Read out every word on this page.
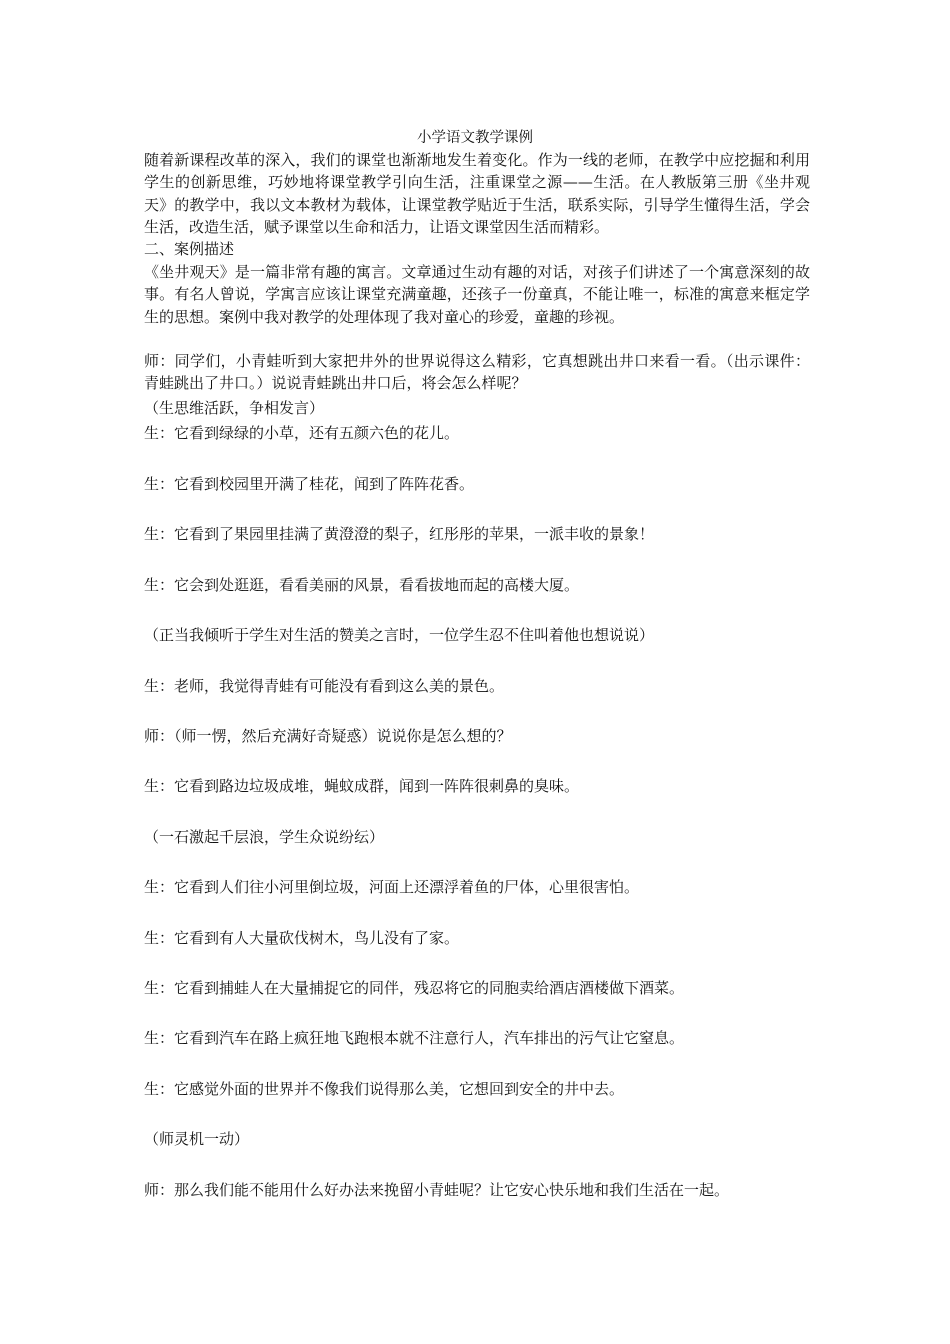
小学语文教学课例

随着新课程改革的深入，我们的课堂也渐渐地发生着变化。作为一线的老师，在教学中应挖掘和利用学生的创新思维，巧妙地将课堂教学引向生活，注重课堂之源——生活。在人教版第三册《坐井观天》的教学中，我以文本教材为载体，让课堂教学贴近于生活，联系实际，引导学生懂得生活，学会生活，改造生活，赋予课堂以生命和活力，让语文课堂因生活而精彩。

二、案例描述

《坐井观天》是一篇非常有趣的寓言。文章通过生动有趣的对话，对孩子们讲述了一个寓意深刻的故事。有名人曾说，学寓言应该让课堂充满童趣，还孩子一份童真，不能让唯一，标准的寓意来框定学生的思想。案例中我对教学的处理体现了我对童心的珍爱，童趣的珍视。

师：同学们，小青蛙听到大家把井外的世界说得这么精彩，它真想跳出井口来看一看。（出示课件：青蛙跳出了井口。）说说青蛙跳出井口后，将会怎么样呢？

（生思维活跃，争相发言）

生：它看到绿绿的小草，还有五颜六色的花儿。

生：它看到校园里开满了桂花，闻到了阵阵花香。

生：它看到了果园里挂满了黄澄澄的梨子，红彤彤的苹果，一派丰收的景象！

生：它会到处逛逛，看看美丽的风景，看看拔地而起的高楼大厦。

（正当我倾听于学生对生活的赞美之言时，一位学生忍不住叫着他也想说说）

生：老师，我觉得青蛙有可能没有看到这么美的景色。

师：（师一愣，然后充满好奇疑惑）说说你是怎么想的？

生：它看到路边垃圾成堆，蝇蚊成群，闻到一阵阵很刺鼻的臭味。

（一石激起千层浪，学生众说纷纭）

生：它看到人们往小河里倒垃圾，河面上还漂浮着鱼的尸体，心里很害怕。

生：它看到有人大量砍伐树木，鸟儿没有了家。

生：它看到捕蛙人在大量捕捉它的同伴，残忍将它的同胞卖给酒店酒楼做下酒菜。

生：它看到汽车在路上疯狂地飞跑根本就不注意行人，汽车排出的污气让它窒息。

生：它感觉外面的世界并不像我们说得那么美，它想回到安全的井中去。

（师灵机一动）

师：那么我们能不能用什么好办法来挽留小青蛙呢？让它安心快乐地和我们生活在一起。
